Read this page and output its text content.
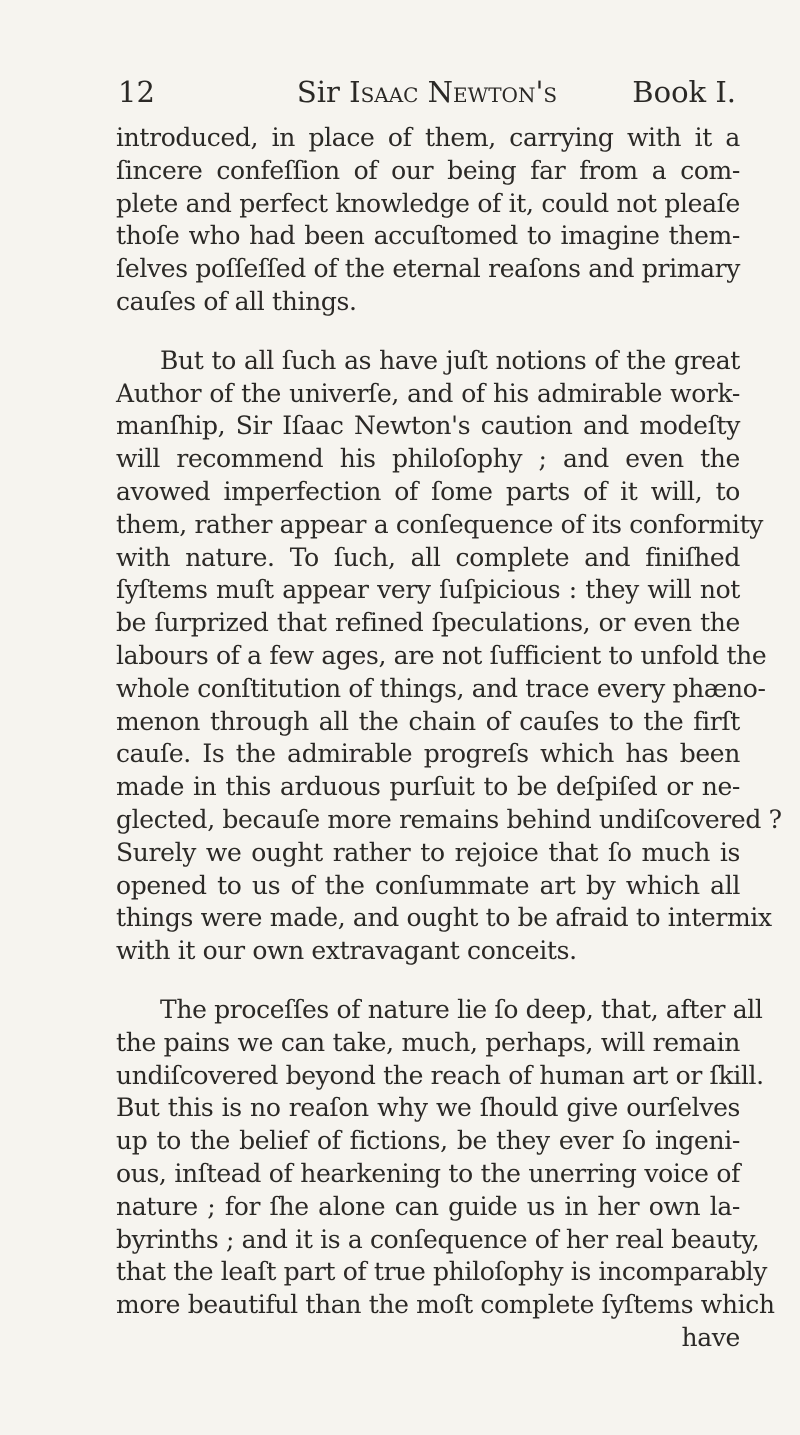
12	Sir Isaac Newton's	Book I.
introduced, in place of them, carrying with it a
ſincere confeſſion of our being far from a com-
plete and perfect knowledge of it, could not pleaſe
thoſe who had been accuſtomed to imagine them-
ſelves poſſeſſed of the eternal reaſons and primary
cauſes of all things.
But to all ſuch as have juſt notions of the great
Author of the univerſe, and of his admirable work-
manſhip, Sir Iſaac Newton's caution and modeſty
will recommend his philoſophy ; and even the
avowed imperfection of ſome parts of it will, to
them, rather appear a conſequence of its conformity
with nature. To ſuch, all complete and finiſhed
ſyſtems muſt appear very ſuſpicious : they will not
be ſurprized that refined ſpeculations, or even the
labours of a few ages, are not ſufficient to unfold the
whole conſtitution of things, and trace every phæno-
menon through all the chain of cauſes to the firſt
cauſe. Is the admirable progreſs which has been
made in this arduous purſuit to be deſpiſed or ne-
glected, becauſe more remains behind undiſcovered ?
Surely we ought rather to rejoice that ſo much is
opened to us of the conſummate art by which all
things were made, and ought to be afraid to intermix
with it our own extravagant conceits.
The proceſſes of nature lie ſo deep, that, after all
the pains we can take, much, perhaps, will remain
undiſcovered beyond the reach of human art or ſkill.
But this is no reaſon why we ſhould give ourſelves
up to the belief of fictions, be they ever ſo ingeni-
ous, inſtead of hearkening to the unerring voice of
nature ; for ſhe alone can guide us in her own la-
byrinths ; and it is a conſequence of her real beauty,
that the leaſt part of true philoſophy is incomparably
more beautiful than the moſt complete ſyſtems which
have
